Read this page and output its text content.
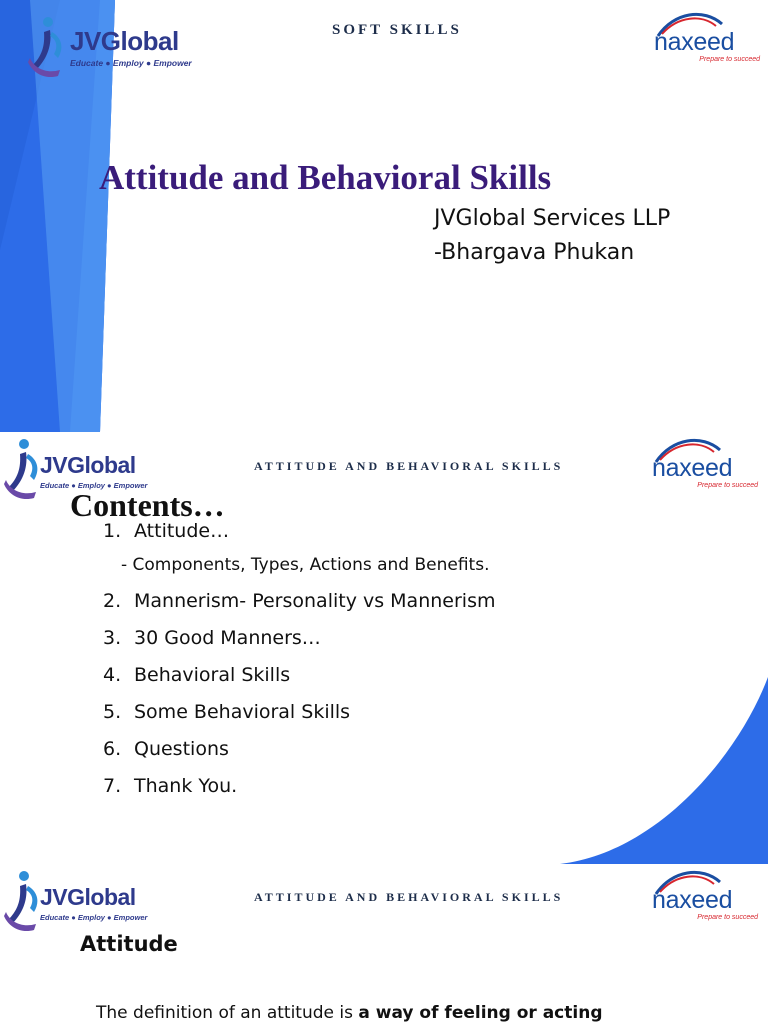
JVGlobal
Educate ● Employ ● Empower
SOFT SKILLS	naxeed
Prepare to succeed
Attitude and Behavioral Skills
JVGlobal Services LLP
-Bhargava Phukan
JVGlobal
Educate ● Employ ● Empower
ATTITUDE AND BEHAVIORAL SKILLS	naxeed
Prepare to succeed
Contents…
1. Attitude…
2. Mannerism- Personality vs Mannerism
3. 30 Good Manners…
4. Behavioral Skills
5. Some Behavioral Skills
6. Questions
7. Thank You.
- Components, Types, Actions and Benefits.
JVGlobal
Educate ● Employ ● Empower
ATTITUDE AND BEHAVIORAL SKILLS	naxeed
Prepare to succeed
Attitude

The definition of an attitude is a way of feeling or acting
